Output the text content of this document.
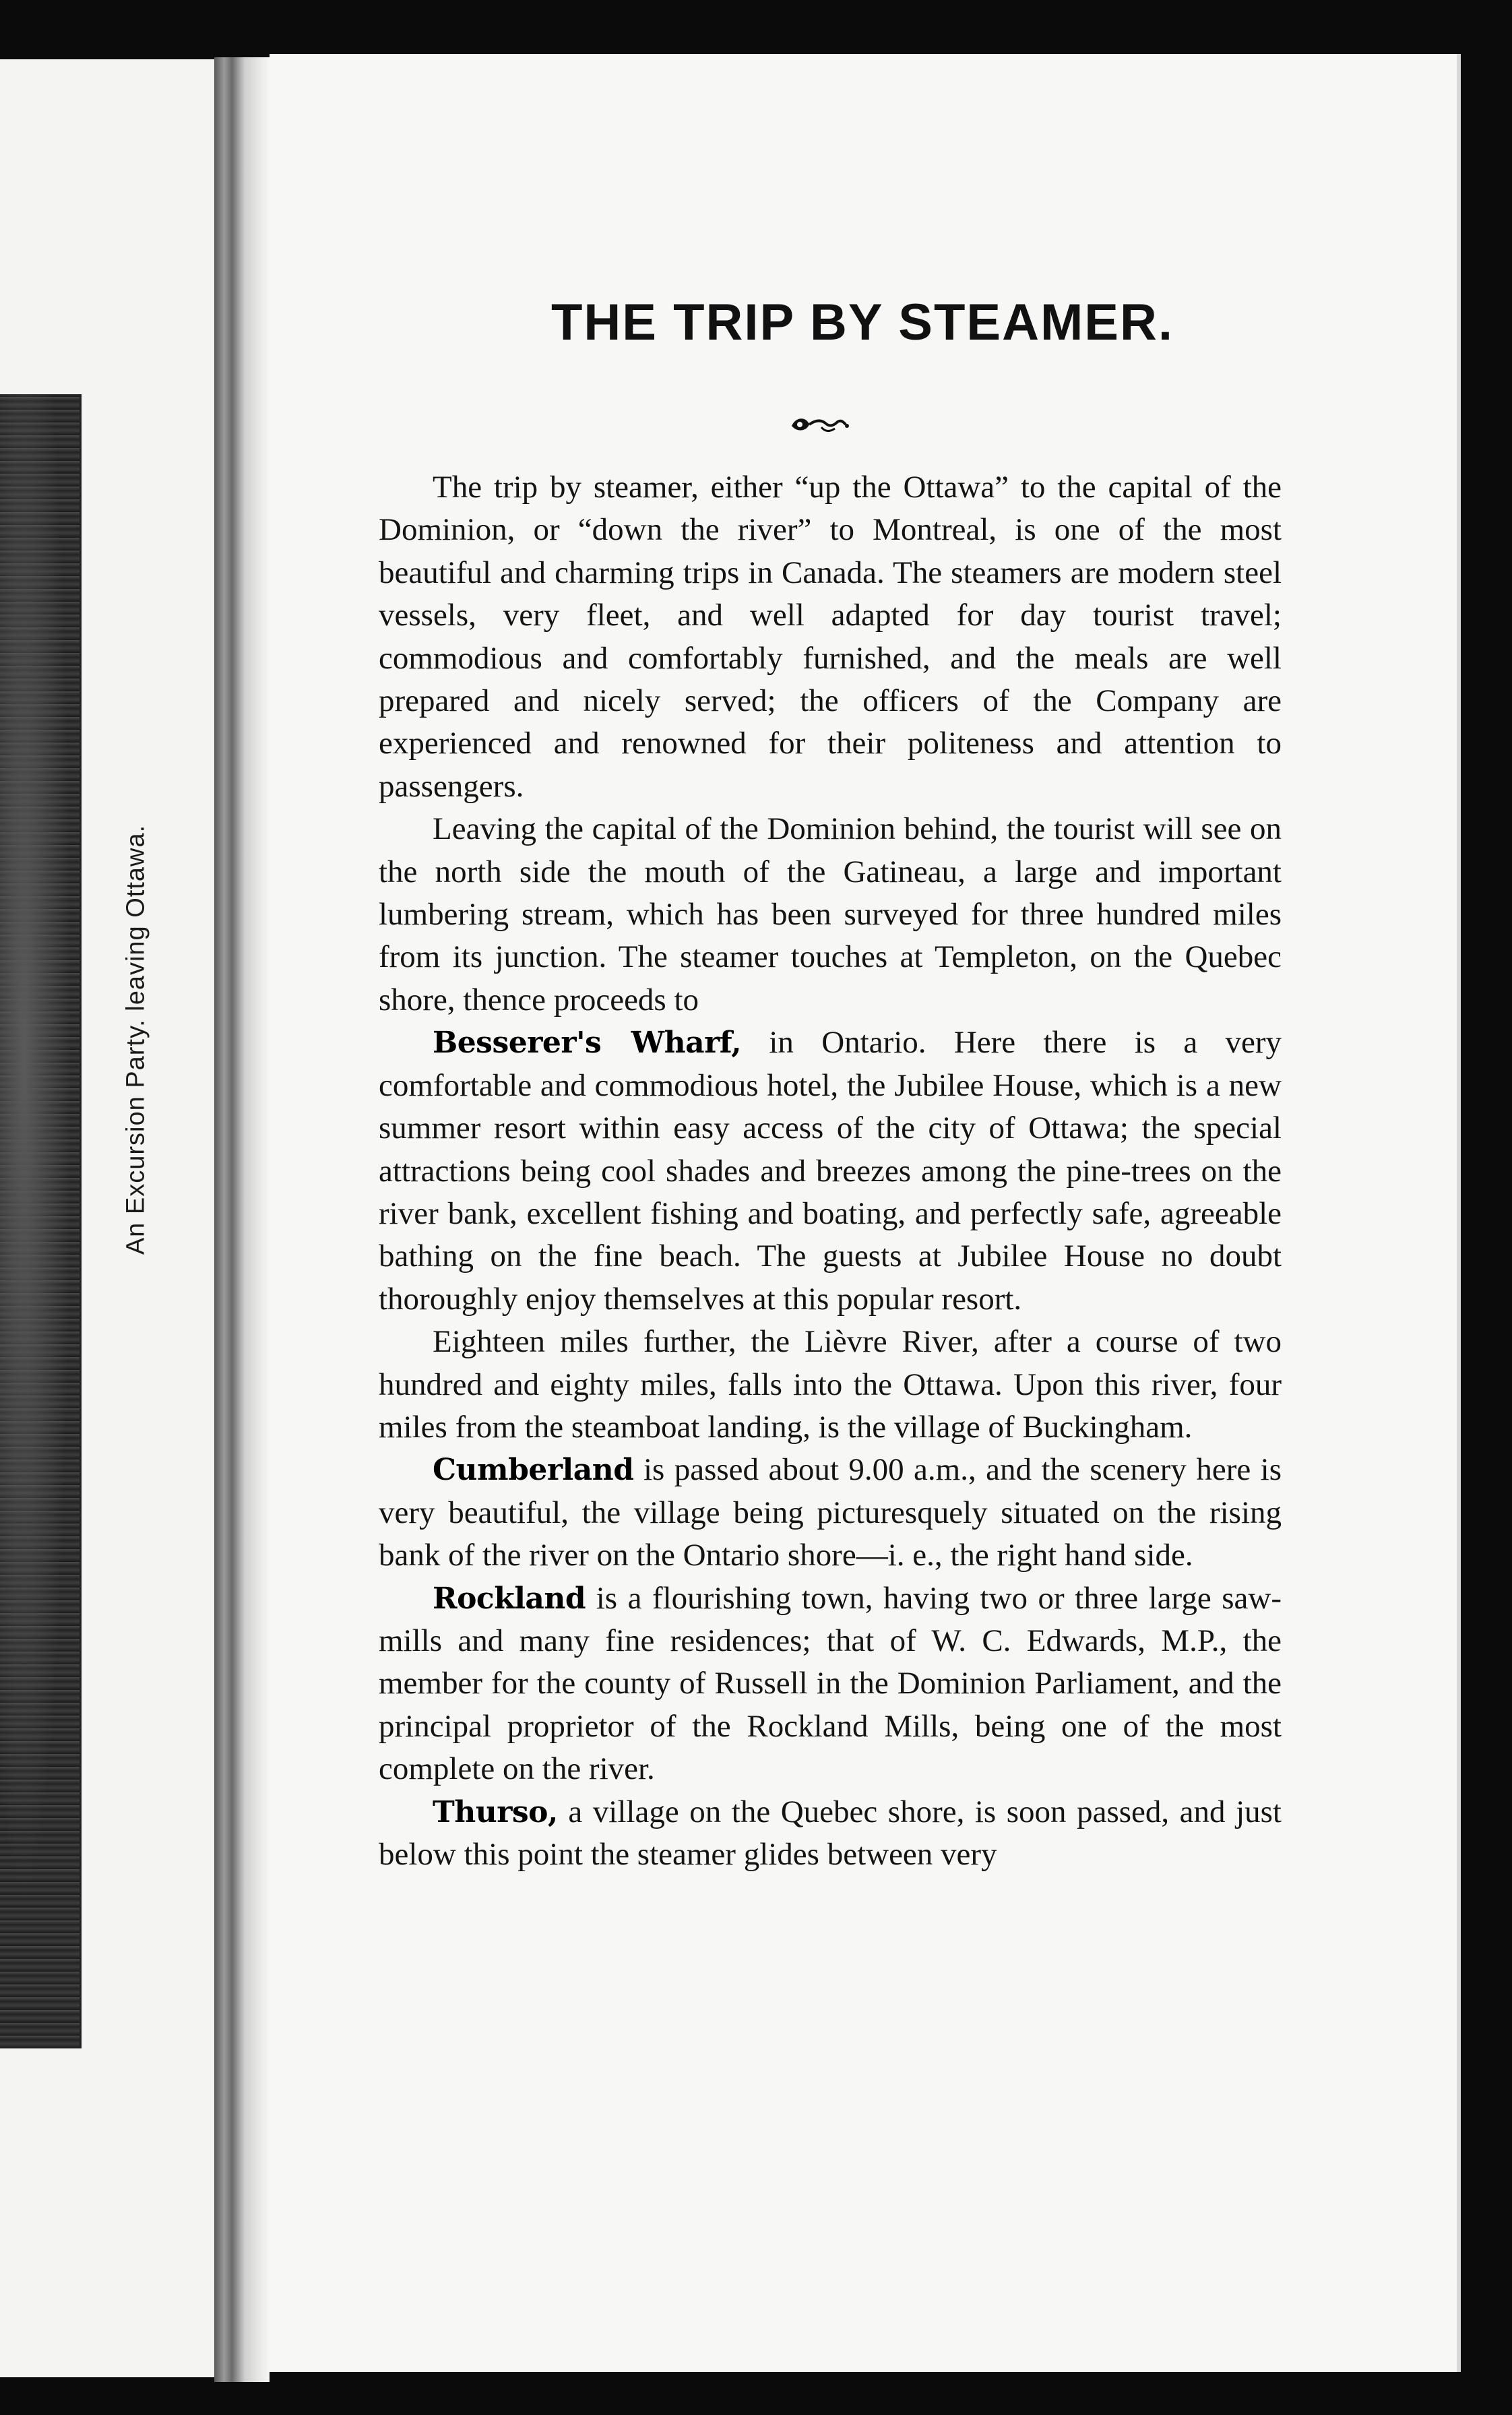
An Excursion Party. leaving Ottawa.
THE TRIP BY STEAMER.

The trip by steamer, either “up the Ottawa” to the capital of the Dominion, or “down the river” to Montreal, is one of the most beautiful and charming trips in Canada. The steamers are modern steel vessels, very fleet, and well adapted for day tourist travel; commodious and comfortably furnished, and the meals are well prepared and nicely served; the officers of the Company are experienced and renowned for their politeness and attention to passengers.

Leaving the capital of the Dominion behind, the tourist will see on the north side the mouth of the Gatineau, a large and important lumbering stream, which has been surveyed for three hundred miles from its junction. The steamer touches at Templeton, on the Quebec shore, thence proceeds to

Besserer's Wharf, in Ontario. Here there is a very comfortable and commodious hotel, the Jubilee House, which is a new summer resort within easy access of the city of Ottawa; the special attractions being cool shades and breezes among the pine-trees on the river bank, excellent fishing and boating, and perfectly safe, agreeable bathing on the fine beach. The guests at Jubilee House no doubt thoroughly enjoy themselves at this popular resort.

Eighteen miles further, the Lièvre River, after a course of two hundred and eighty miles, falls into the Ottawa. Upon this river, four miles from the steamboat landing, is the village of Buckingham.

Cumberland is passed about 9.00 a.m., and the scenery here is very beautiful, the village being picturesquely situated on the rising bank of the river on the Ontario shore—i. e., the right hand side.

Rockland is a flourishing town, having two or three large saw-mills and many fine residences; that of W. C. Edwards, M.P., the member for the county of Russell in the Dominion Parliament, and the principal proprietor of the Rockland Mills, being one of the most complete on the river.

Thurso, a village on the Quebec shore, is soon passed, and just below this point the steamer glides between very
